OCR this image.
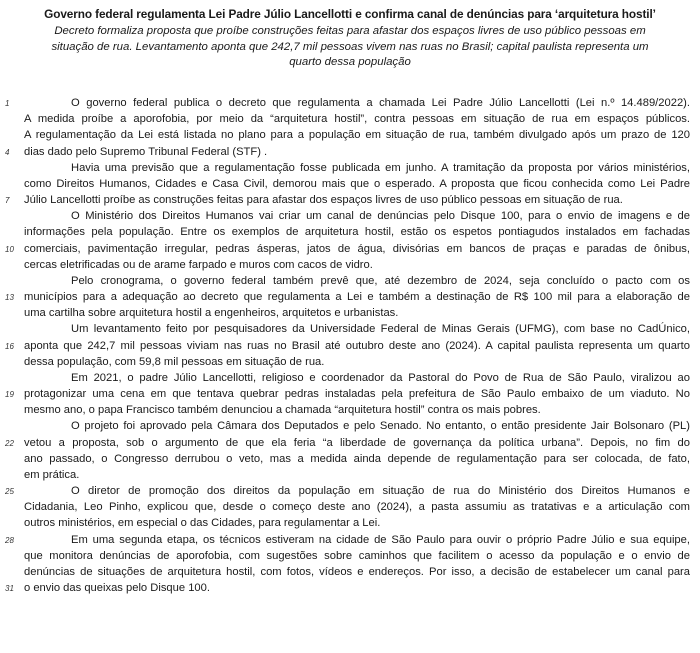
Governo federal regulamenta Lei Padre Júlio Lancellotti e confirma canal de denúncias para ‘arquitetura hostil’
Decreto formaliza proposta que proíbe construções feitas para afastar dos espaços livres de uso público pessoas em situação de rua. Levantamento aponta que 242,7 mil pessoas vivem nas ruas no Brasil; capital paulista representa um quarto dessa população
1	O governo federal publica o decreto que regulamenta a chamada Lei Padre Júlio Lancellotti (Lei n.º 14.489/2022).
A medida proíbe a aporofobia, por meio da “arquitetura hostil”, contra pessoas em situação de rua em espaços públicos.
A regulamentação da Lei está listada no plano para a população em situação de rua, também divulgado após um prazo de 120
4	dias dado pelo Supremo Tribunal Federal (STF) .
Havia uma previsão que a regulamentação fosse publicada em junho. A tramitação da proposta por vários ministérios,
como Direitos Humanos, Cidades e Casa Civil, demorou mais que o esperado. A proposta que ficou conhecida como Lei Padre
7	Júlio Lancellotti proíbe as construções feitas para afastar dos espaços livres de uso público pessoas em situação de rua.
O Ministério dos Direitos Humanos vai criar um canal de denúncias pelo Disque 100, para o envio de imagens e de
informações pela população. Entre os exemplos de arquitetura hostil, estão os espetos pontiagudos instalados em fachadas
10 comerciais, pavimentação irregular, pedras ásperas, jatos de água, divisórias em bancos de praças e paradas de ônibus,
cercas eletrificadas ou de arame farpado e muros com cacos de vidro.
Pelo cronograma, o governo federal também prevê que, até dezembro de 2024, seja concluído o pacto com os
13 municípios para a adequação ao decreto que regulamenta a Lei e também a destinação de R$ 100 mil para a elaboração de
uma cartilha sobre arquitetura hostil a engenheiros, arquitetos e urbanistas.
Um levantamento feito por pesquisadores da Universidade Federal de Minas Gerais (UFMG), com base no CadÚnico,
16 aponta que 242,7 mil pessoas viviam nas ruas no Brasil até outubro deste ano (2024). A capital paulista representa um quarto
dessa população, com 59,8 mil pessoas em situação de rua.
Em 2021, o padre Júlio Lancellotti, religioso e coordenador da Pastoral do Povo de Rua de São Paulo, viralizou ao
19 protagonizar uma cena em que tentava quebrar pedras instaladas pela prefeitura de São Paulo embaixo de um viaduto. No
mesmo ano, o papa Francisco também denunciou a chamada “arquitetura hostil” contra os mais pobres.
O projeto foi aprovado pela Câmara dos Deputados e pelo Senado. No entanto, o então presidente Jair Bolsonaro (PL)
22 vetou a proposta, sob o argumento de que ela feria “a liberdade de governança da política urbana”. Depois, no fim do
ano passado, o Congresso derrubou o veto, mas a medida ainda depende de regulamentação para ser colocada, de fato,
em prática.
25	O diretor de promoção dos direitos da população em situação de rua do Ministério dos Direitos Humanos e
Cidadania, Leo Pinho, explicou que, desde o começo deste ano (2024), a pasta assumiu as tratativas e a articulação com
outros ministérios, em especial o das Cidades, para regulamentar a Lei.
28	Em uma segunda etapa, os técnicos estiveram na cidade de São Paulo para ouvir o próprio Padre Júlio e sua equipe,
que monitora denúncias de aporofobia, com sugestões sobre caminhos que facilitem o acesso da população e o envio de
denúncias de situações de arquitetura hostil, com fotos, vídeos e endereços. Por isso, a decisão de estabelecer um canal para
31 o envio das queixas pelo Disque 100.
